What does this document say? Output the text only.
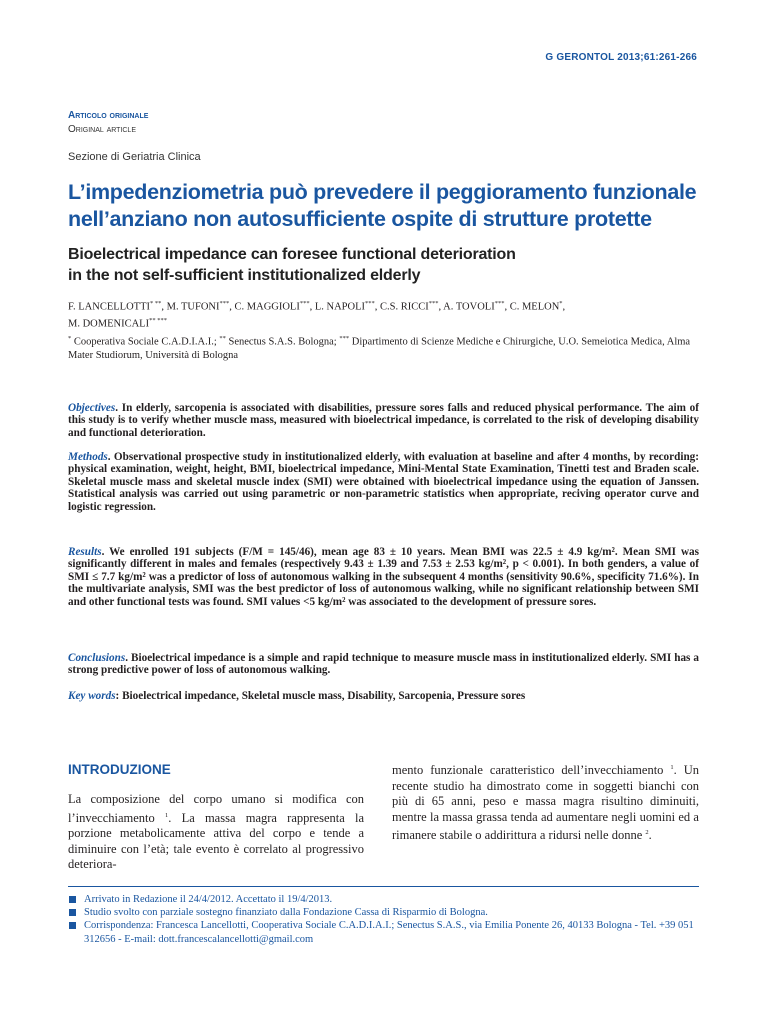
G GERONTOL 2013;61:261-266
Articolo originale
Original article
Sezione di Geriatria Clinica
L’impedenziometria può prevedere il peggioramento funzionale nell’anziano non autosufficiente ospite di strutture protette
Bioelectrical impedance can foresee functional deterioration
in the not self-sufficient institutionalized elderly
F. LANCELLOTTI* **, M. TUFONI***, C. MAGGIOLI***, L. NAPOLI***, C.S. RICCI***, A. TOVOLI***, C. MELON*,
M. DOMENICALI** ***
* Cooperativa Sociale C.A.D.I.A.I.; ** Senectus S.A.S. Bologna; *** Dipartimento di Scienze Mediche e Chirurgiche, U.O. Semeiotica Medica, Alma Mater Studiorum, Università di Bologna
Objectives. In elderly, sarcopenia is associated with disabilities, pressure sores falls and reduced physical performance. The aim of this study is to verify whether muscle mass, measured with bioelectrical impedance, is correlated to the risk of developing disability and functional deterioration.
Methods. Observational prospective study in institutionalized elderly, with evaluation at baseline and after 4 months, by recording: physical examination, weight, height, BMI, bioelectrical impedance, Mini-Mental State Examination, Tinetti test and Braden scale. Skeletal muscle mass and skeletal muscle index (SMI) were obtained with bioelectrical impedance using the equation of Janssen. Statistical analysis was carried out using parametric or non-parametric statistics when appropriate, reciving operator curve and logistic regression.
Results. We enrolled 191 subjects (F/M = 145/46), mean age 83 ± 10 years. Mean BMI was 22.5 ± 4.9 kg/m². Mean SMI was significantly different in males and females (respectively 9.43 ± 1.39 and 7.53 ± 2.53 kg/m², p < 0.001). In both genders, a value of SMI ≤ 7.7 kg/m² was a predictor of loss of autonomous walking in the subsequent 4 months (sensitivity 90.6%, specificity 71.6%). In the multivariate analysis, SMI was the best predictor of loss of autonomous walking, while no significant relationship between SMI and other functional tests was found. SMI values <5 kg/m² was associated to the development of pressure sores.
Conclusions. Bioelectrical impedance is a simple and rapid technique to measure muscle mass in institutionalized elderly. SMI has a strong predictive power of loss of autonomous walking.
Key words: Bioelectrical impedance, Skeletal muscle mass, Disability, Sarcopenia, Pressure sores
INTRODUZIONE
La composizione del corpo umano si modifica con l’invecchiamento $^1$. La massa magra rappresenta la porzione metabolicamente attiva del corpo e tende a diminuire con l’età; tale evento è correlato al progressivo deteriora-
mento funzionale caratteristico dell’invecchiamento $^1$. Un recente studio ha dimostrato come in soggetti bianchi con più di 65 anni, peso e massa magra risultino diminuiti, mentre la massa grassa tenda ad aumentare negli uomini ed a rimanere stabile o addirittura a ridursi nelle donne $^2$.
Arrivato in Redazione il 24/4/2012. Accettato il 19/4/2013.
Studio svolto con parziale sostegno finanziato dalla Fondazione Cassa di Risparmio di Bologna.
Corrispondenza: Francesca Lancellotti, Cooperativa Sociale C.A.D.I.A.I.; Senectus S.A.S., via Emilia Ponente 26, 40133 Bologna - Tel. +39 051 312656 - E-mail: dott.francescalancellotti@gmail.com
